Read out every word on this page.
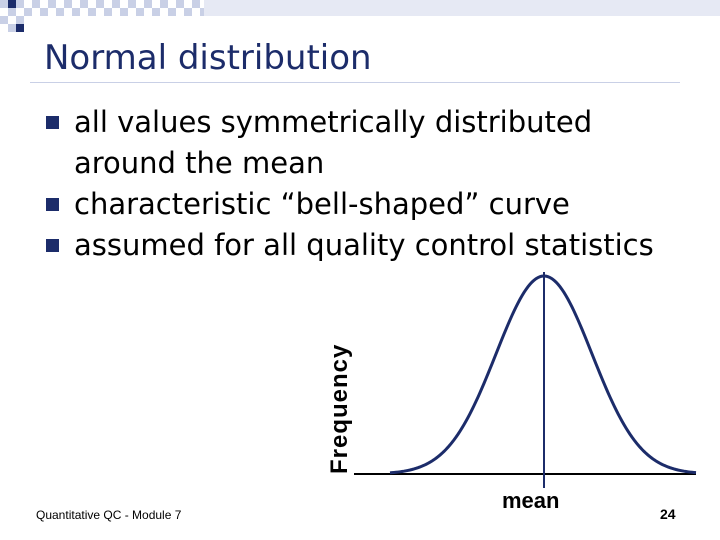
Normal distribution
all values symmetrically distributed around the mean
characteristic “bell-shaped” curve
assumed for all quality control statistics
Frequency
mean
Quantitative QC - Module 7	24
